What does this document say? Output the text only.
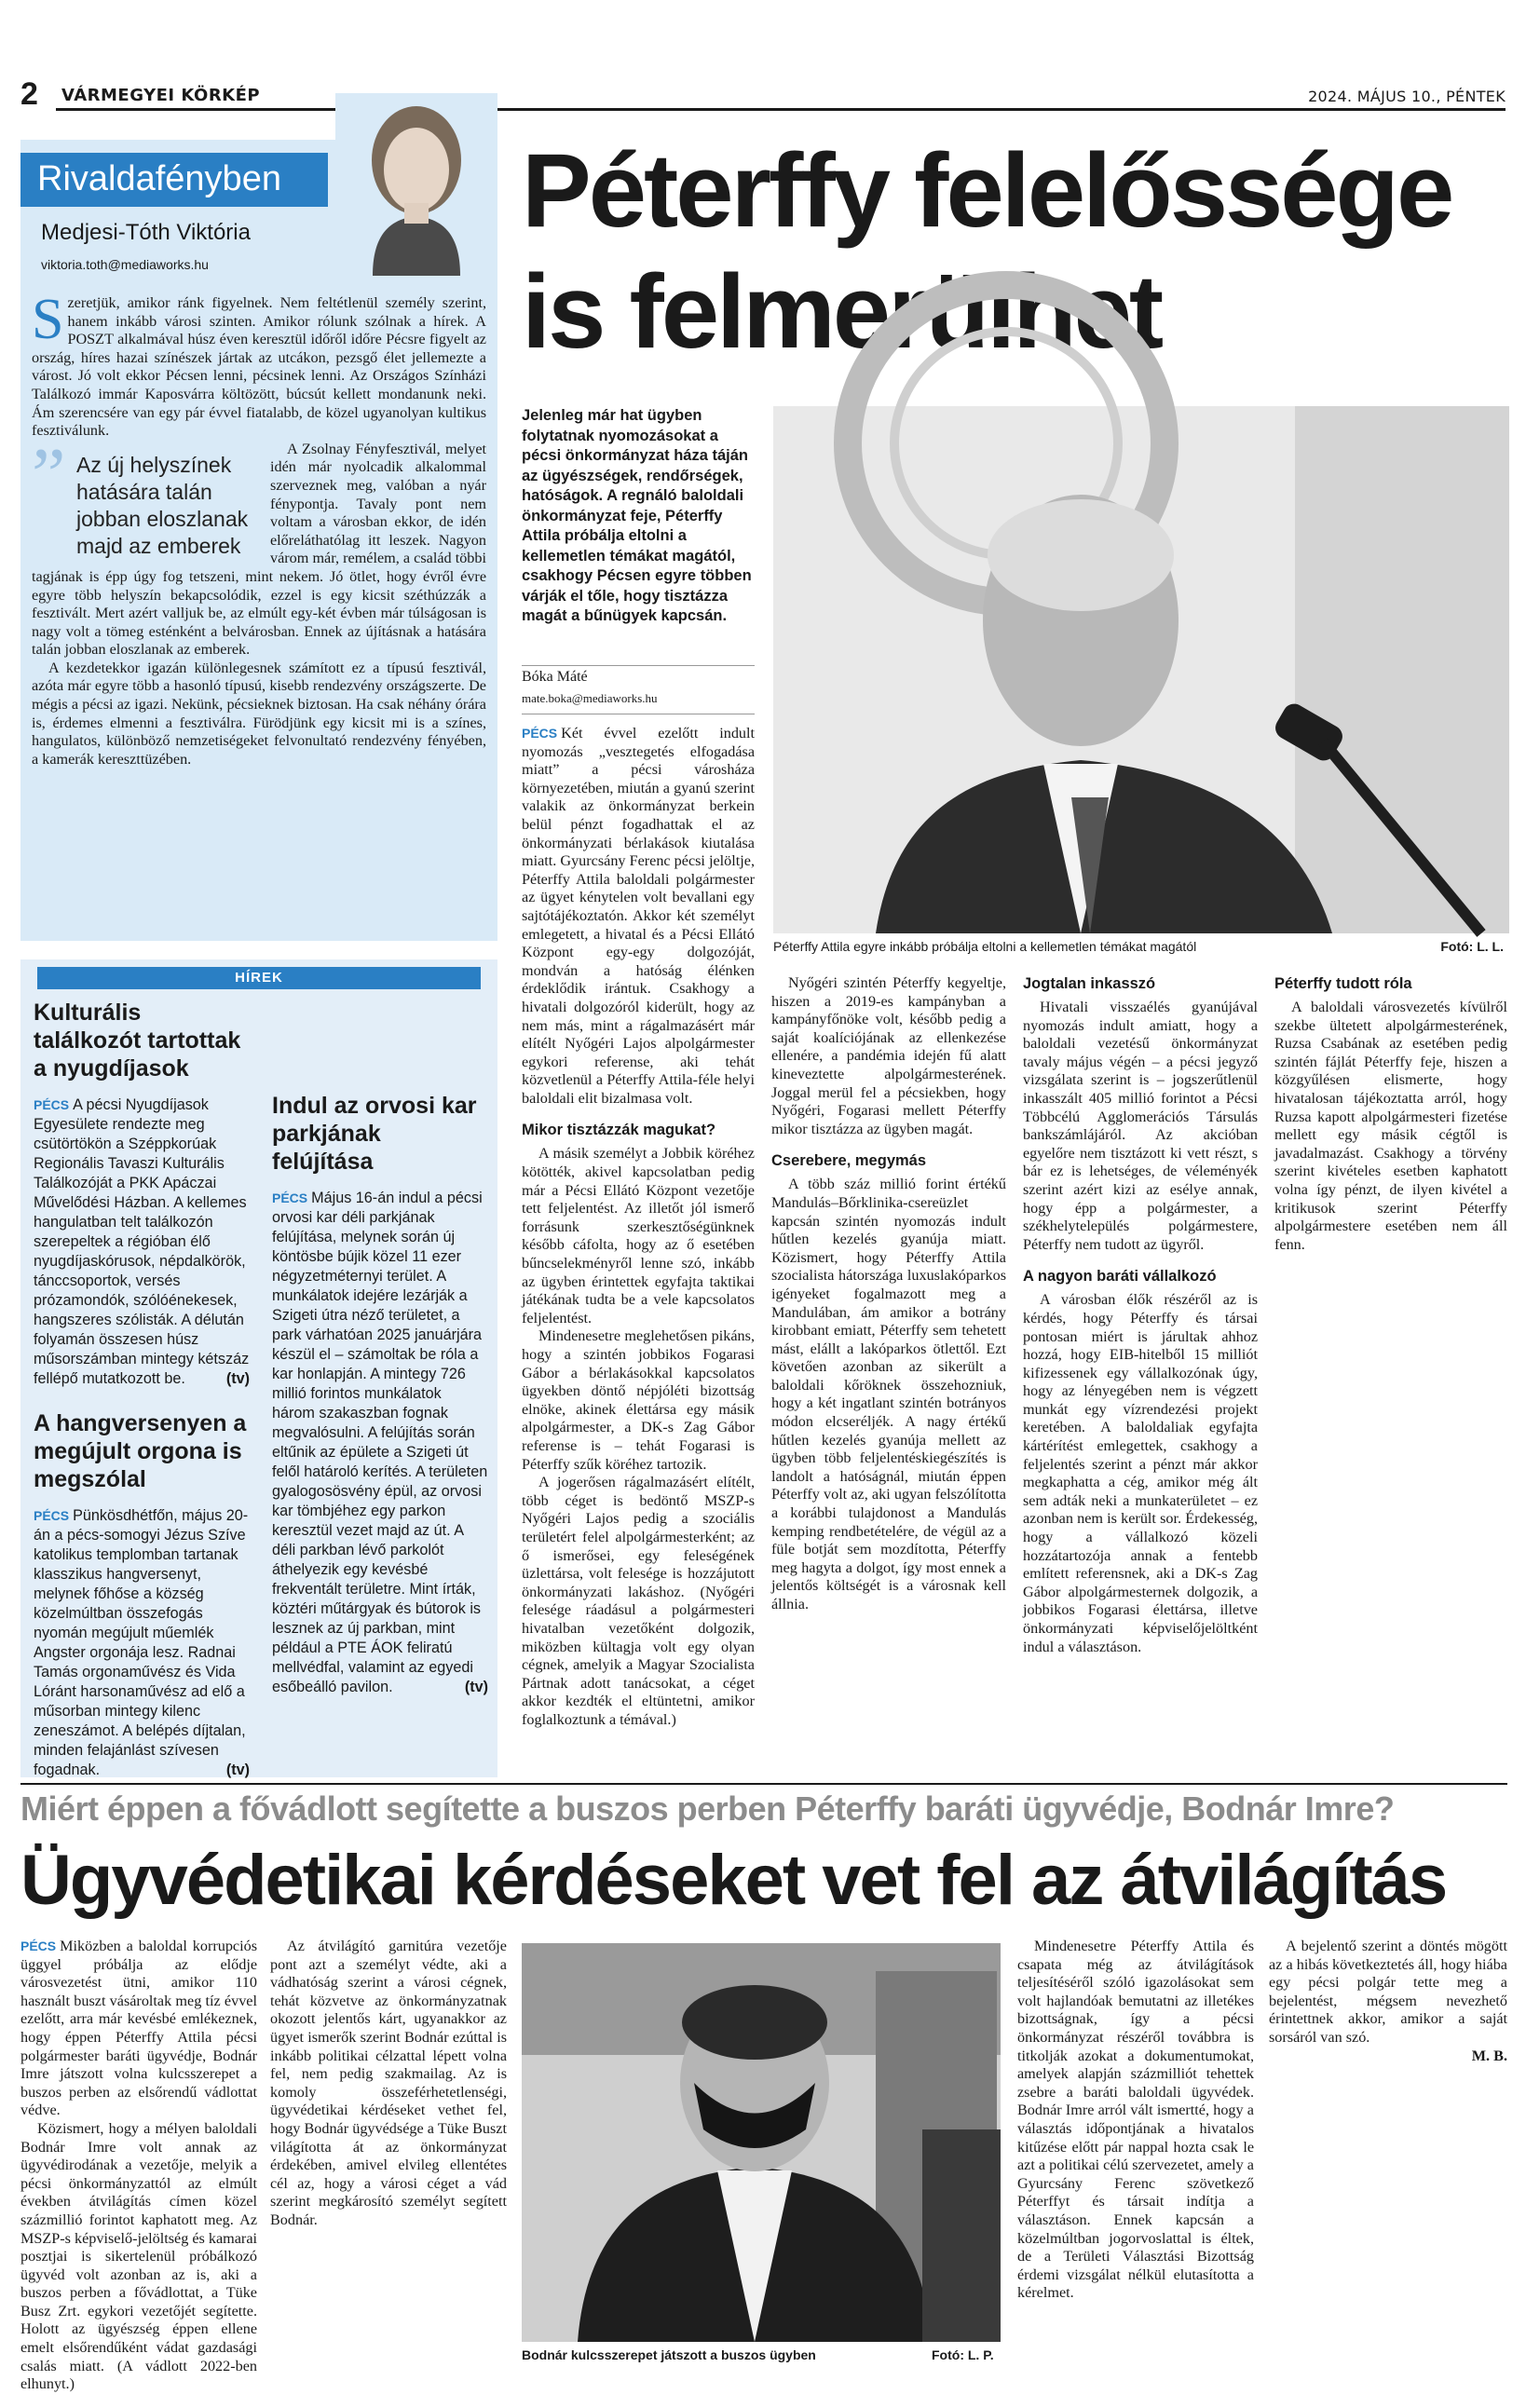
2 VÁRMEGYEI KÖRKÉP	2024. MÁJUS 10., PÉNTEK
Rivaldafényben
Medjesi-Tóth Viktória
viktoria.toth@mediaworks.hu

Szeretjük, amikor ránk figyelnek. Nem feltétlenül személy szerint, hanem inkább városi szinten. Amikor rólunk szólnak a hírek. A POSZT alkalmával húsz éven keresztül időről időre Pécsre figyelt az ország, híres hazai színészek jártak az utcákon, pezsgő élet jellemezte a várost. Jó volt ekkor Pécsen lenni, pécsinek lenni. Az Országos Színházi Találkozó immár Kaposvárra költözött, búcsút kellett mondanunk neki. Ám szerencsére van egy pár évvel fiatalabb, de közel ugyanolyan kultikus fesztiválunk.

” Az új helyszínek hatására talán jobban eloszlanak majd az emberek

A Zsolnay Fényfesztivál, melyet idén már nyolcadik alkalommal szerveznek meg, valóban a nyár fénypontja. Tavaly pont nem voltam a városban ekkor, de idén előreláthatólag itt leszek. Nagyon várom már, remélem, a család többi tagjának is épp úgy fog tetszeni, mint nekem. Jó ötlet, hogy évről évre egyre több helyszín bekapcsolódik, ezzel is egy kicsit széthúzzák a fesztivált. Mert azért valljuk be, az elmúlt egy-két évben már túlságosan is nagy volt a tömeg esténként a belvárosban. Ennek az újításnak a hatására talán jobban eloszlanak az emberek.

A kezdetekkor igazán különlegesnek számított ez a típusú fesztivál, azóta már egyre több a hasonló típusú, kisebb rendezvény országszerte. De mégis a pécsi az igazi. Nekünk, pécsieknek biztosan. Ha csak néhány órára is, érdemes elmenni a fesztiválra. Fürödjünk egy kicsit mi is a színes, hangulatos, különböző nemzetiségeket felvonultató rendezvény fényében, a kamerák kereszttüzében.

HÍREK
Kulturális találkozót tartottak a nyugdíjasok

PÉCS A pécsi Nyugdíjasok Egyesülete rendezte meg csütörtökön a Széppkorúak Regionális Tavaszi Kulturális Találkozóját a PKK Apáczai Művelődési Házban. A kellemes hangulatban telt találkozón szerepeltek a régióban élő nyugdíjaskórusok, népdalkörök, tánccsoportok, versés prózamondók, szólóénekesek, hangszeres szólisták. A délután folyamán összesen húsz műsorszámban mintegy kétszáz fellépő mutatkozott be.	(tv)

A hangversenyen a megújult orgona is megszólal

PÉCS Pünkösdhétfőn, május 20-án a pécs-somogyi Jézus Szíve katolikus templomban tartanak klasszikus hangversenyt, melynek főhőse a község közelmúltban összefogás nyomán megújult műemlék Angster orgonája lesz. Radnai Tamás orgonaművész és Vida Lóránt harsonaművész ad elő a műsorban mintegy kilenc zeneszámot. A belépés díjtalan, minden felajánlást szívesen fogadnak.	(tv)

Indul az orvosi kar parkjának felújítása

PÉCS Május 16-án indul a pécsi orvosi kar déli parkjának felújítása, melynek során új köntösbe bújik közel 11 ezer négyzetméternyi terület. A munkálatok idejére lezárják a Szigeti útra néző területet, a park várhatóan 2025 januárjára készül el – számoltak be róla a kar honlapján. A mintegy 726 millió forintos munkálatok három szakaszban fognak megvalósulni. A felújítás során eltűnik az épülete a Szigeti út felől határoló kerítés. A területen gyalogosösvény épül, az orvosi kar tömbjéhez egy parkon keresztül vezet majd az út. A déli parkban lévő parkolót áthelyezik egy kevésbé frekventált területre. Mint írták, köztéri műtárgyak és bútorok is lesznek az új parkban, mint például a PTE ÁOK feliratú mellvédfal, valamint az egyedi esőbeálló pavilon.	(tv)

Péterffy felelőssége is felmerülhet
Jelenleg már hat ügyben folytatnak nyomozásokat a pécsi önkormányzat háza táján az ügyészségek, rendőrségek, hatóságok. A regnáló baloldali önkormányzat feje, Péterffy Attila próbálja eltolni a kellemetlen témákat magától, csakhogy Pécsen egyre többen várják el tőle, hogy tisztázza magát a bűnügyek kapcsán.
Bóka Máté
mate.boka@mediaworks.hu
Péterffy Attila egyre inkább próbálja eltolni a kellemetlen témákat magától	Fotó: L. L.

PÉCS Két évvel ezelőtt indult nyomozás „vesztegetés elfogadása miatt” a pécsi városháza környezetében, miután a gyanú szerint valakik az önkormányzat berkein belül pénzt fogadhattak el az önkormányzati bérlakások kiutalása miatt. Gyurcsány Ferenc pécsi jelöltje, Péterffy Attila baloldali polgármester az ügyet kénytelen volt bevallani egy sajtótájékoztatón. Akkor két személyt emlegetett, a hivatal és a Pécsi Ellátó Központ egy-egy dolgozóját, mondván a hatóság élénken érdeklődik irántuk. Csakhogy a hivatali dolgozóról kiderült, hogy az nem más, mint a rágalmazásért már elítélt Nyőgéri Lajos alpolgármester egykori referense, aki tehát közvetlenül a Péterffy Attila-féle helyi baloldali elit bizalmasa volt.

Mikor tisztázzák magukat?

A másik személyt a Jobbik köréhez kötötték, akivel kapcsolatban pedig már a Pécsi Ellátó Központ vezetője tett feljelentést. Az illetőt jól ismerő forrásunk szerkesztőségünknek később cáfolta, hogy az ő esetében bűncselekményről lenne szó, inkább az ügyben érintettek egyfajta taktikai játékának tudta be a vele kapcsolatos feljelentést.

Mindenesetre meglehetősen pikáns, hogy a szintén jobbikos Fogarasi Gábor a bérlakásokkal kapcsolatos ügyekben döntő népjóléti bizottság elnöke, akinek élettársa egy másik alpolgármester, a DK-s Zag Gábor referense is – tehát Fogarasi is Péterffy szűk köréhez tartozik.

A jogerősen rágalmazásért elítélt, több céget is bedöntő MSZP-s Nyőgéri Lajos pedig a szociális területért felel alpolgármesterként; az ő ismerősei, egy feleségének üzlettársa, volt felesége is hozzájutott önkormányzati lakáshoz. (Nyőgéri felesége ráadásul a polgármesteri hivatalban vezetőként dolgozik, miközben kültagja volt egy olyan cégnek, amelyik a Magyar Szocialista Pártnak adott tanácsokat, a céget akkor kezdték el eltüntetni, amikor foglalkoztunk a témával.)

Nyőgéri szintén Péterffy kegyeltje, hiszen a 2019-es kampányban a kampányfőnöke volt, később pedig a saját koalíciójának az ellenkezése ellenére, a pandémia idején fű alatt kineveztette alpolgármesterének. Joggal merül fel a pécsiekben, hogy Nyőgéri, Fogarasi mellett Péterffy mikor tisztázza az ügyben magát.

Cserebere, megymás

A több száz millió forint értékű Mandulás–Bőrklinika-csereüzlet kapcsán szintén nyomozás indult hűtlen kezelés gyanúja miatt. Közismert, hogy Péterffy Attila szocialista hátországa luxuslakóparkos igényeket fogalmazott meg a Mandulában, ám amikor a botrány kirobbant emiatt, Péterffy sem tehetett mást, elállt a lakóparkos ötlettől. Ezt követően azonban az sikerült a baloldali kőröknek összehozniuk, hogy a két ingatlant szintén botrányos módon elcseréljék. A nagy értékű hűtlen kezelés gyanúja mellett az ügyben több feljelentéskiegészítés is landolt a hatóságnál, miután éppen Péterffy volt az, aki ugyan felszólította a korábbi tulajdonost a Mandulás kemping rendbetételére, de végül az a füle botját sem mozdította, Péterffy meg hagyta a dolgot, így most ennek a jelentős költségét is a városnak kell állnia.

Jogtalan inkasszó

Hivatali visszaélés gyanújával nyomozás indult amiatt, hogy a baloldali vezetésű önkormányzat tavaly május végén – a pécsi jegyző vizsgálata szerint is – jogszerűtlenül inkasszált 405 millió forintot a Pécsi Többcélú Agglomerációs Társulás bankszámlájáról. Az akcióban egyelőre nem tisztázott ki vett részt, s bár ez is lehetséges, de véleményék szerint azért kizi az esélye annak, hogy épp a polgármester, a székhelytelepülés polgármestere, Péterffy nem tudott az ügyről.

A nagyon baráti vállalkozó

A városban élők részéről az is kérdés, hogy Péterffy és társai pontosan miért is járultak ahhoz hozzá, hogy EIB-hitelből 15 milliót kifizessenek egy vállalkozónak úgy, hogy az lényegében nem is végzett munkát egy vízrendezési projekt keretében. A baloldaliak egyfajta kártérítést emlegettek, csakhogy a feljelentés szerint a pénzt már akkor megkaphatta a cég, amikor még ált sem adták neki a munkaterületet – ez azonban nem is került sor. Érdekesség, hogy a vállalkozó közeli hozzátartozója annak a fentebb említett referensnek, aki a DK-s Zag Gábor alpolgármesternek dolgozik, a jobbikos Fogarasi élettársa, illetve önkormányzati képviselőjelöltként indul a választáson.

Péterffy tudott róla

A baloldali városvezetés kívülről szekbe ültetett alpolgármesterének, Ruzsa Csabának az esetében pedig szintén fájlát Péterffy feje, hiszen a közgyűlésen elismerte, hogy hivatalosan tájékoztatta arról, hogy Ruzsa kapott alpolgármesteri fizetése mellett egy másik cégtől is javadalmazást. Csakhogy a törvény szerint kivételes esetben kaphatott volna így pénzt, de ilyen kivétel a kritikusok szerint Péterffy alpolgármestere esetében nem áll fenn.

Miért éppen a fővádlott segítette a buszos perben Péterffy baráti ügyvédje, Bodnár Imre?
Ügyvédetikai kérdéseket vet fel az átvilágítás

PÉCS Miközben a baloldal korrupciós üggyel próbálja az elődje városvezetést ütni, amikor 110 használt buszt vásároltak meg tíz évvel ezelőtt, arra már kevésbé emlékeznek, hogy éppen Péterffy Attila pécsi polgármester baráti ügyvédje, Bodnár Imre játszott volna kulcsszerepet a buszos perben az elsőrendű vádlottat védve.

Közismert, hogy a mélyen baloldali Bodnár Imre volt annak az ügyvédirodának a vezetője, melyik a pécsi önkormányzattól az elmúlt években átvilágítás címen közel százmillió forintot kaphatott meg. Az MSZP-s képviselő-jelöltség és kamarai posztjai is sikertelenül próbálkozó ügyvéd volt azonban az is, aki a buszos perben a fővádlottat, a Tüke Busz Zrt. egykori vezetőjét segítette. Holott az ügyészség éppen ellene emelt elsőrendűként vádat gazdasági csalás miatt. (A vádlott 2022-ben elhunyt.)

Az átvilágító garnitúra vezetője pont azt a személyt védte, aki a vádhatóság szerint a városi cégnek, tehát közvetve az önkormányzatnak okozott jelentős kárt, ugyanakkor az ügyet ismerők szerint Bodnár ezúttal is inkább politikai célzattal lépett volna fel, nem pedig szakmailag. Az is komoly összeférhetetlenségi, ügyvédetikai kérdéseket vethet fel, hogy Bodnár ügyvédsége a Tüke Buszt világította át az önkormányzat érdekében, amivel elvileg ellentétes cél az, hogy a városi céget a vád szerint megkárosító személyt segített Bodnár.

Bodnár kulcsszerepet játszott a buszos ügyben	Fotó: L. P.

Mindenesetre Péterffy Attila és csapata még az átvilágítások teljesítéséről szóló igazolásokat sem volt hajlandóak bemutatni az illetékes bizottságnak, így a pécsi önkormányzat részéről továbbra is titkolják azokat a dokumentumokat, amelyek alapján százmilliót tehettek zsebre a baráti baloldali ügyvédek. Bodnár Imre arról vált ismertté, hogy a választás időpontjának a hivatalos kitűzése előtt pár nappal hozta csak le azt a politikai célú szervezetet, amely a Gyurcsány Ferenc szövetkező Péterffyt és társait indítja a választáson. Ennek kapcsán a közelmúltban jogorvoslattal is éltek, de a Területi Választási Bizottság érdemi vizsgálat nélkül elutasította a kérelmet.

A bejelentő szerint a döntés mögött az a hibás következtetés áll, hogy hiába egy pécsi polgár tette meg a bejelentést, mégsem nevezhető érintettnek akkor, amikor a saját sorsáról van szó.

M. B.
